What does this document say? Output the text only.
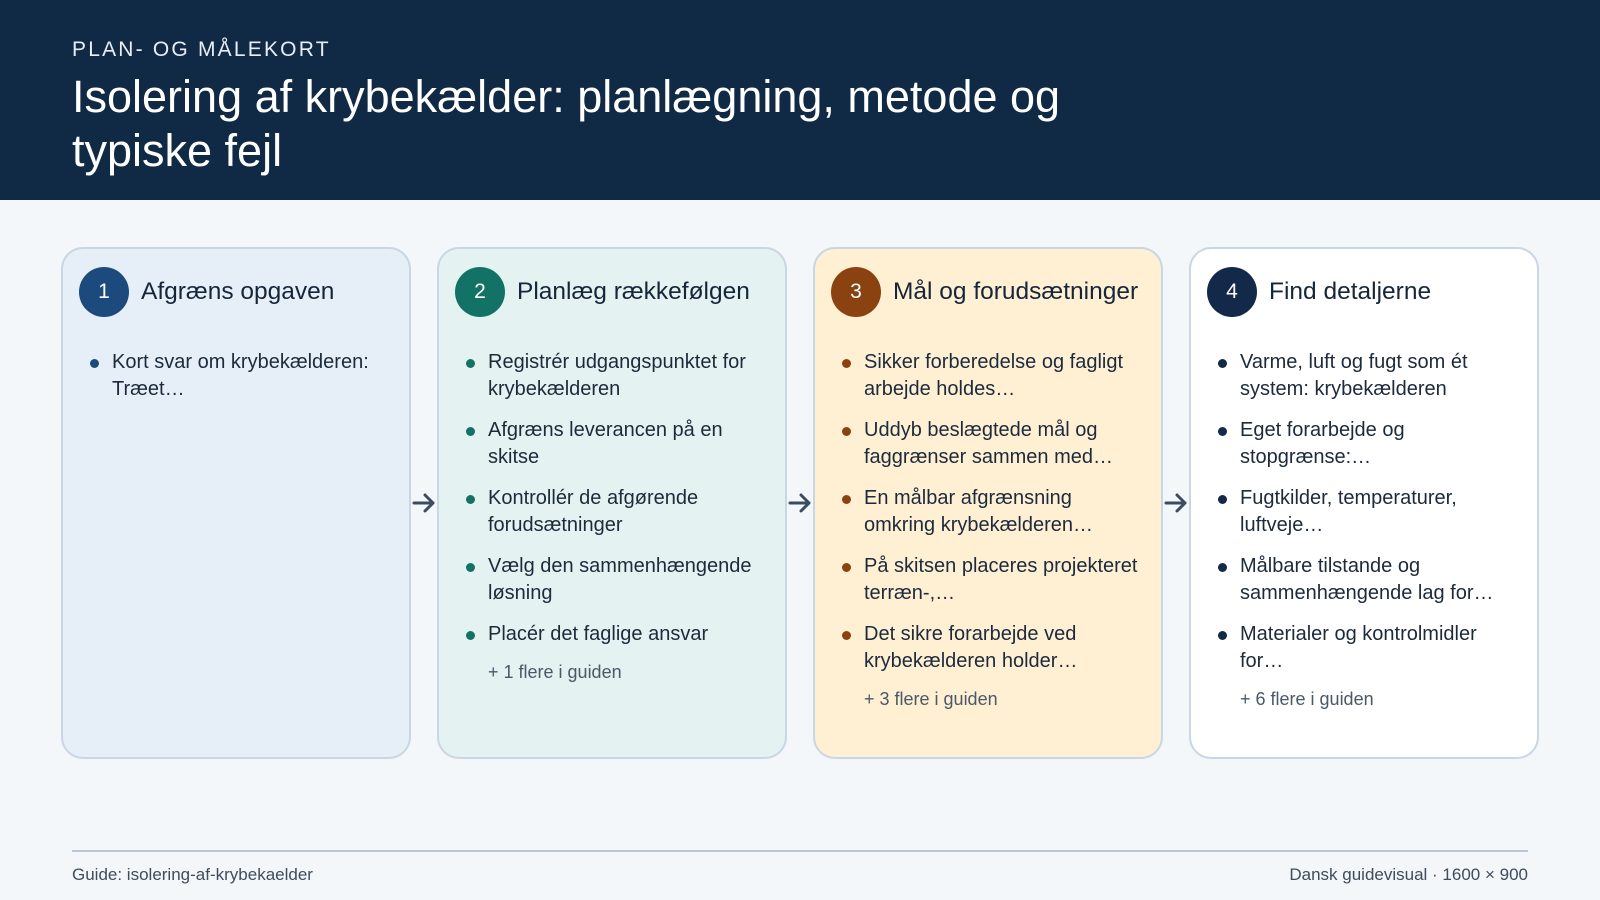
PLAN- OG MÅLEKORT
Isolering af krybekælder: planlægning, metode og typiske fejl
1	Afgræns opgaven
Kort svar om krybekælderen: Træet…
2	Planlæg rækkefølgen
Registrér udgangspunktet for krybekælderen
Afgræns leverancen på en skitse
Kontrollér de afgørende forudsætninger
Vælg den sammenhængende løsning
Placér det faglige ansvar
+ 1 flere i guiden
3	Mål og forudsætninger
Sikker forberedelse og fagligt arbejde holdes…
Uddyb beslægtede mål og faggrænser sammen med…
En målbar afgrænsning omkring krybekælderen…
På skitsen placeres projekteret terræn-,…
Det sikre forarbejde ved krybekælderen holder…
+ 3 flere i guiden
4	Find detaljerne
Varme, luft og fugt som ét system: krybekælderen
Eget forarbejde og stopgrænse:…
Fugtkilder, temperaturer, luftveje…
Målbare tilstande og sammenhængende lag for…
Materialer og kontrolmidler for…
+ 6 flere i guiden
Guide: isolering-af-krybekaelder	Dansk guidevisual · 1600 × 900
